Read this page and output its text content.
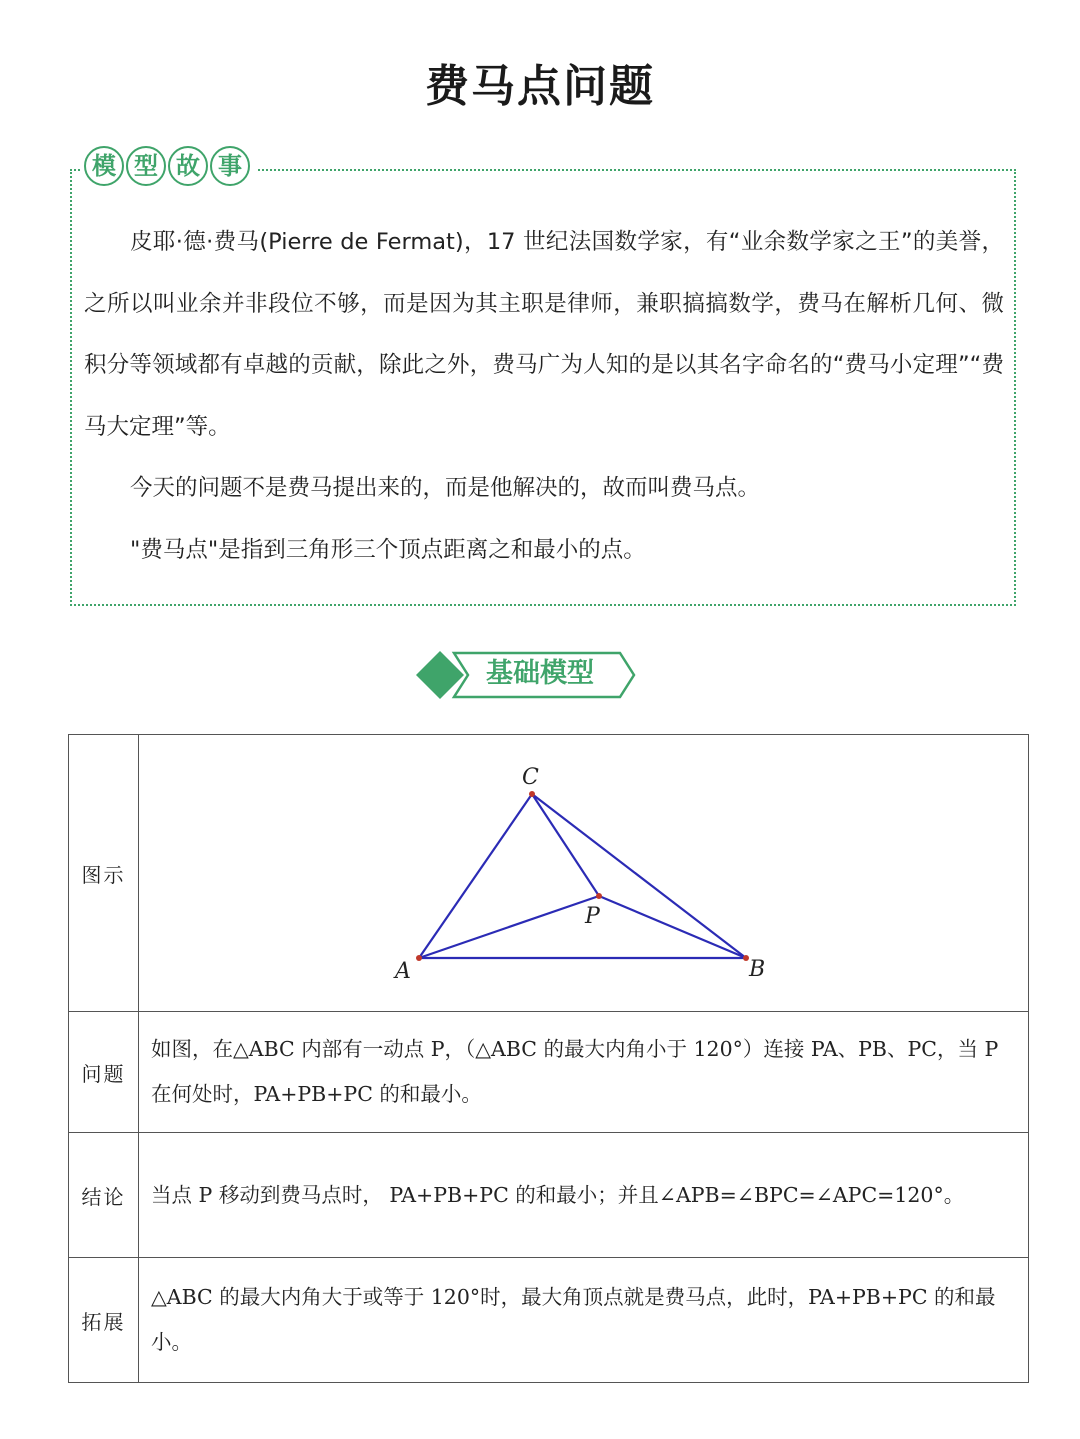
费马点问题
模 型 故 事

皮耶·德·费马(Pierre de Fermat)，17 世纪法国数学家，有“业余数学家之王”的美誉，之所以叫业余并非段位不够，而是因为其主职是律师，兼职搞搞数学，费马在解析几何、微积分等领域都有卓越的贡献，除此之外，费马广为人知的是以其名字命名的“费马小定理”“费马大定理”等。

今天的问题不是费马提出来的，而是他解决的，故而叫费马点。

"费马点"是指到三角形三个顶点距离之和最小的点。

基础模型
图示	A B
C
P

问题	如图，在△ABC 内部有一动点 P，（△ABC 的最大内角小于 120°）连接 PA、PB、PC，当 P 在何处时，PA+PB+PC 的和最小。
结论	当点 P 移动到费马点时， PA+PB+PC 的和最小；并且∠APB=∠BPC=∠APC=120°。
拓展	△ABC 的最大内角大于或等于 120°时，最大角顶点就是费马点，此时，PA+PB+PC 的和最小。
